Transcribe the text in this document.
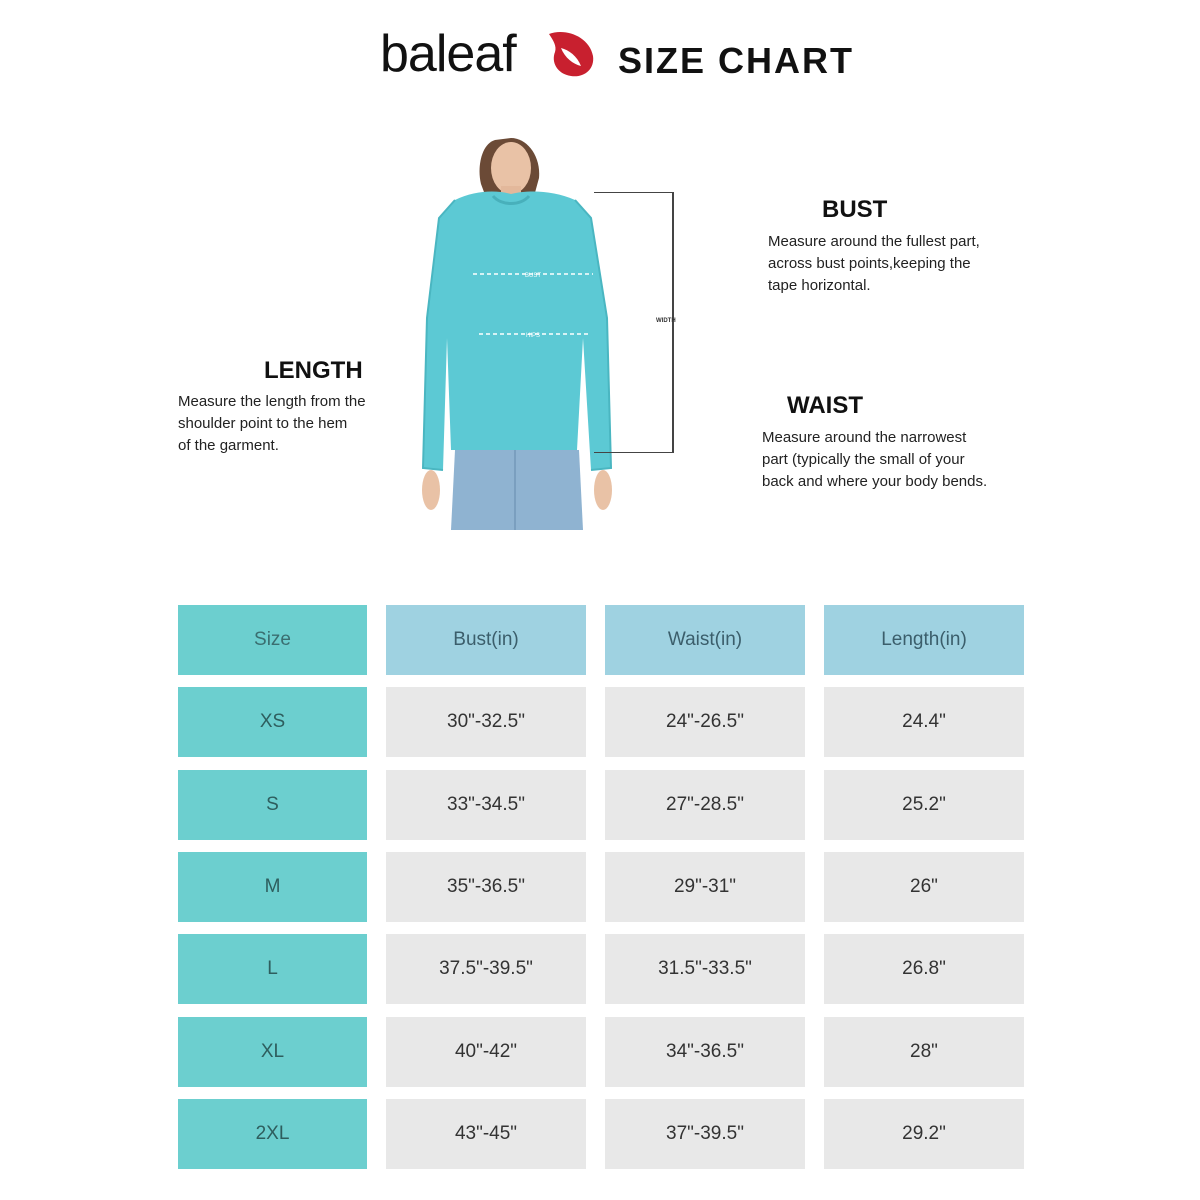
baleaf	SIZE CHART
BUST
HIPS
WIDTH
BUST
Measure around the fullest part,
across bust points,keeping the
tape horizontal.
LENGTH
Measure the length from the
shoulder point to the hem
of the garment.
WAIST
Measure around the narrowest
part (typically the small of your
back and where your body bends.
Size	Bust(in)	Waist(in)	Length(in)
XS	30"-32.5"	24"-26.5"	24.4"
S	33"-34.5"	27"-28.5"	25.2"
M	35"-36.5"	29"-31"	26"
L	37.5"-39.5"	31.5"-33.5"	26.8"
XL	40"-42"	34"-36.5"	28"
2XL	43"-45"	37"-39.5"	29.2"
